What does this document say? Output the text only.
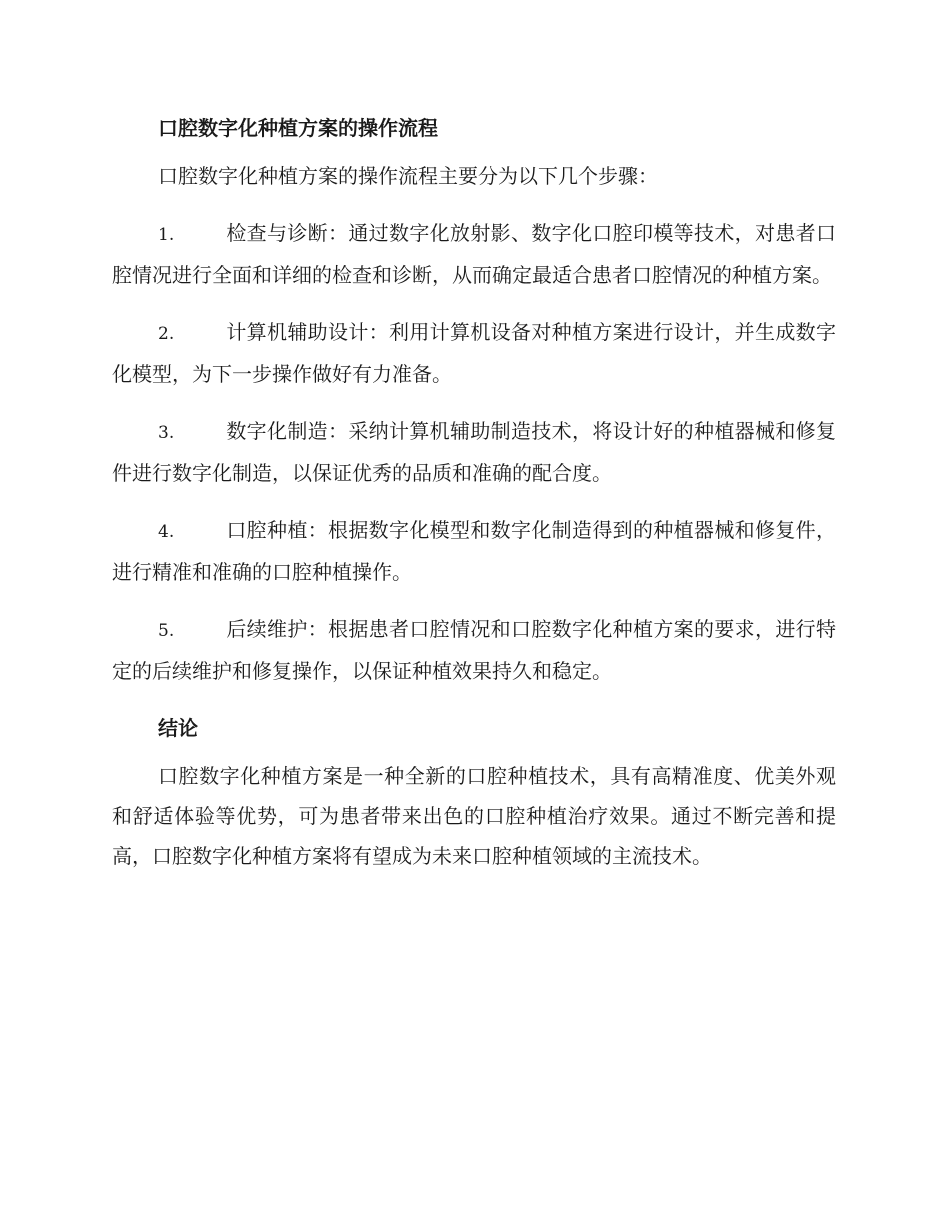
口腔数字化种植方案的操作流程
口腔数字化种植方案的操作流程主要分为以下几个步骤：
1.	检查与诊断：通过数字化放射影、数字化口腔印模等技术，对患者口腔情况进行全面和详细的检查和诊断，从而确定最适合患者口腔情况的种植方案。
2.	计算机辅助设计：利用计算机设备对种植方案进行设计，并生成数字化模型，为下一步操作做好有力准备。
3.	数字化制造：采纳计算机辅助制造技术，将设计好的种植器械和修复件进行数字化制造，以保证优秀的品质和准确的配合度。
4.	口腔种植：根据数字化模型和数字化制造得到的种植器械和修复件，进行精准和准确的口腔种植操作。
5.	后续维护：根据患者口腔情况和口腔数字化种植方案的要求，进行特定的后续维护和修复操作，以保证种植效果持久和稳定。
结论
口腔数字化种植方案是一种全新的口腔种植技术，具有高精准度、优美外观和舒适体验等优势，可为患者带来出色的口腔种植治疗效果。通过不断完善和提高，口腔数字化种植方案将有望成为未来口腔种植领域的主流技术。
